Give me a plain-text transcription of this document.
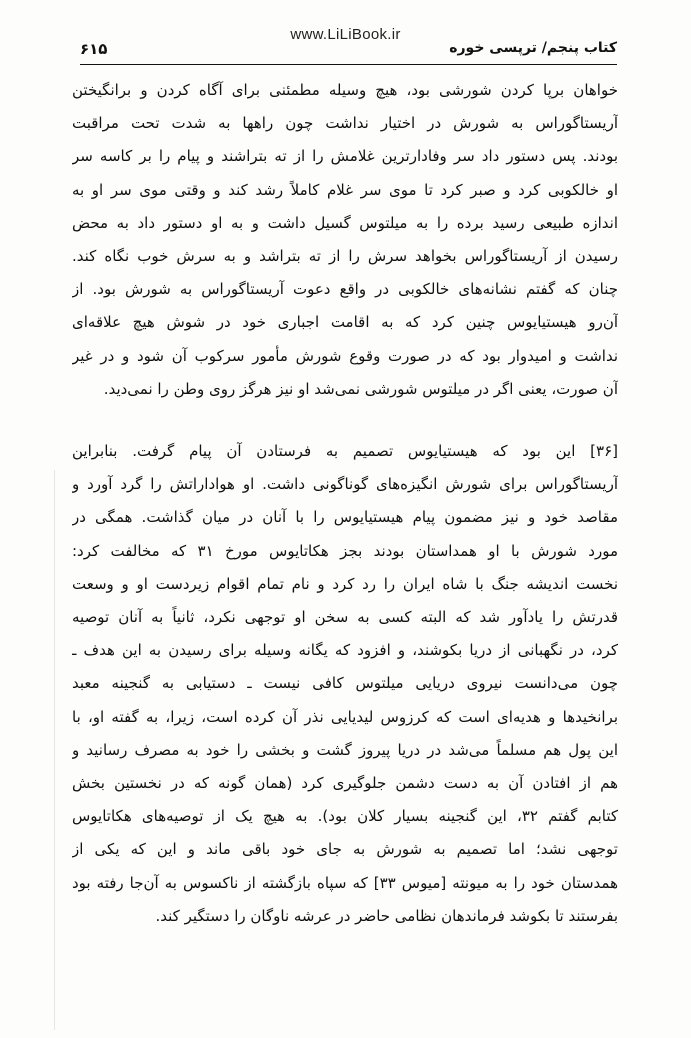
www.LiLiBook.ir
۶۱۵	کتاب پنجم/ ترپسی خوره

خواهان برپا کردن شورشی بود، هیچ وسیله مطمئنی برای آگاه کردن و برانگیختن
آریستاگوراس به شورش در اختیار نداشت چون راهها به شدت تحت مراقبت
بودند. پس دستور داد سر وفادارترین غلامش را از ته بتراشند و پیام را بر کاسه سر
او خالکوبی کرد و صبر کرد تا موی سر غلام کاملاً رشد کند و وقتی موی سر او به
اندازه طبیعی رسید برده را به میلتوس گسیل داشت و به او دستور داد به محض
رسیدن از آریستاگوراس بخواهد سرش را از ته بتراشد و به سرش خوب نگاه کند.
چنان که گفتم نشانه‌های خالکوبی در واقع دعوت آریستاگوراس به شورش بود. از
آن‌رو هیستیایوس چنین کرد که به اقامت اجباری خود در شوش هیچ علاقه‌ای
نداشت و امیدوار بود که در صورت وقوع شورش مأمور سرکوب آن شود و در غیر
آن صورت، یعنی اگر در میلتوس شورشی نمی‌شد او نیز هرگز روی وطن را نمی‌دید.

[۳۶] این بود که هیستیایوس تصمیم به فرستادن آن پیام گرفت. بنابراین
آریستاگوراس برای شورش انگیزه‌های گوناگونی داشت. او هواداراتش را گرد آورد و
مقاصد خود و نیز مضمون پیام هیستیایوس را با آنان در میان گذاشت. همگی در
مورد شورش با او همداستان بودند بجز هکاتایوس مورخ ۳۱ که مخالفت کرد:
نخست اندیشه جنگ با شاه ایران را رد کرد و نام تمام اقوام زیردست او و وسعت
قدرتش را یادآور شد که البته کسی به سخن او توجهی نکرد، ثانیاً به آنان توصیه
کرد، در نگهبانی از دریا بکوشند، و افزود که یگانه وسیله برای رسیدن به این هدف ـ
چون می‌دانست نیروی دریایی میلتوس کافی نیست ـ دستیابی به گنجینه معبد
برانخیدها و هدیه‌ای است که کرزوس لیدیایی نذر آن کرده است، زیرا، به گفته او، با
این پول هم مسلماً می‌شد در دریا پیروز گشت و بخشی را خود به مصرف رسانید و
هم از افتادن آن به دست دشمن جلوگیری کرد (همان گونه که در نخستین بخش
کتابم گفتم ۳۲، این گنجینه بسیار کلان بود). به هیچ یک از توصیه‌های هکاتایوس
توجهی نشد؛ اما تصمیم به شورش به جای خود باقی ماند و این که یکی از
همدستان خود را به میونته [میوس ۳۳] که سپاه بازگشته از ناکسوس به آن‌جا رفته بود
بفرستند تا بکوشد فرماندهان نظامی حاضر در عرشه ناوگان را دستگیر کند.
